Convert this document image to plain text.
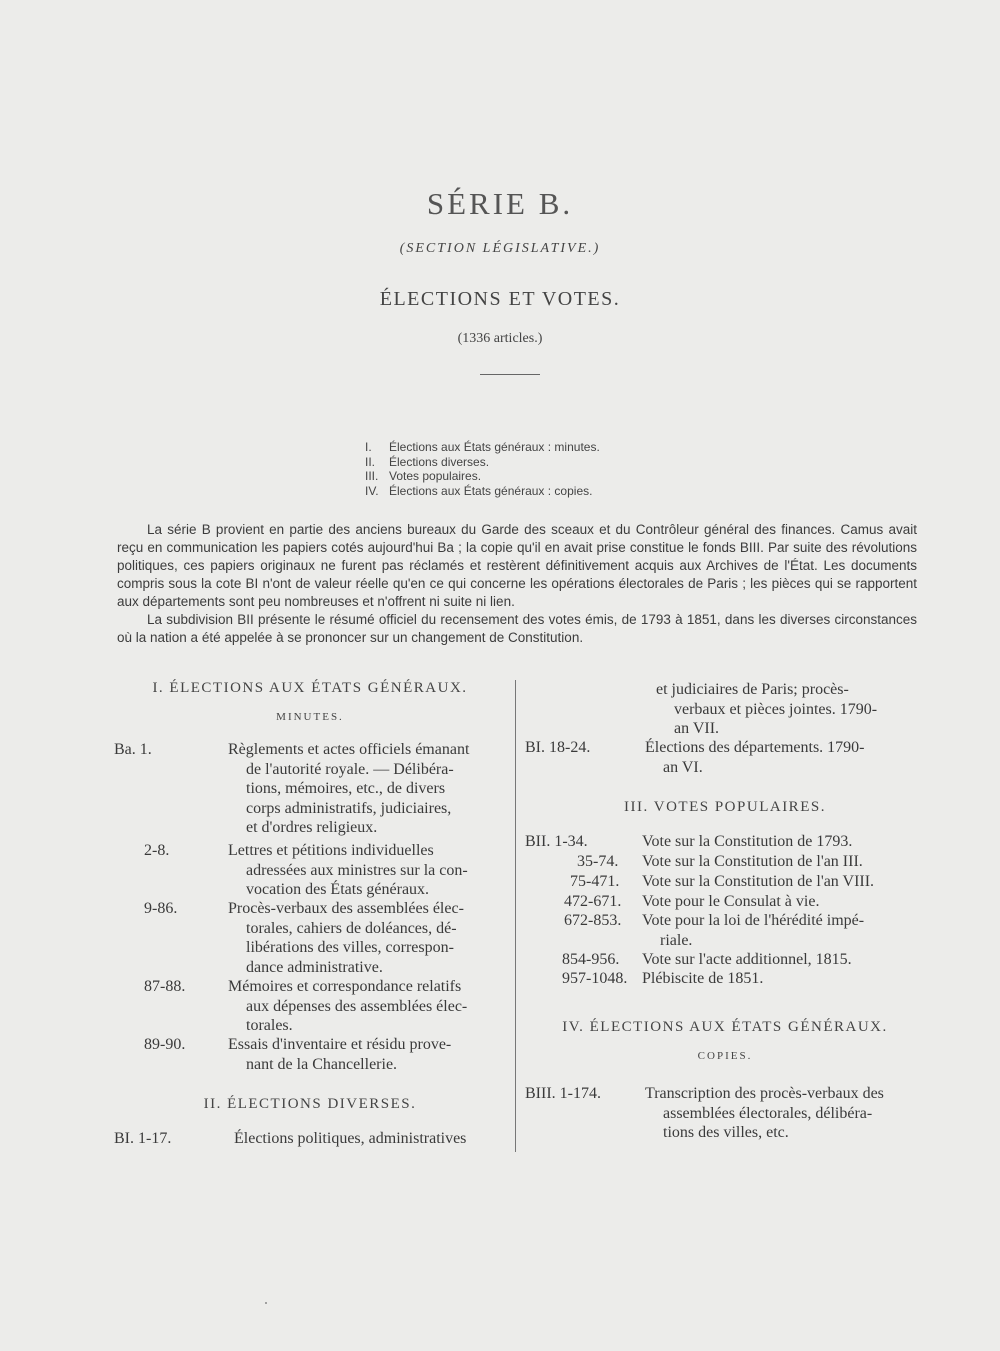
SÉRIE B.
(SECTION LÉGISLATIVE.)
ÉLECTIONS ET VOTES.
(1336 articles.)
I.	Élections aux États généraux : minutes.
II.	Élections diverses.
III. Votes populaires.
IV. Élections aux États généraux : copies.

La série B provient en partie des anciens bureaux du Garde des sceaux et du Contrôleur général des finances. Camus avait reçu en communication les papiers cotés aujourd'hui Ba ; la copie qu'il en avait prise constitue le fonds BIII. Par suite des révolutions politiques, ces papiers originaux ne furent pas réclamés et restèrent définitivement acquis aux Archives de l'État. Les documents compris sous la cote BI n'ont de valeur réelle qu'en ce qui concerne les opérations électorales de Paris ; les pièces qui se rapportent aux départements sont peu nombreuses et n'offrent ni suite ni lien.

La subdivision BII présente le résumé officiel du recensement des votes émis, de 1793 à 1851, dans les diverses circonstances où la nation a été appelée à se prononcer sur un changement de Constitution.

I. ÉLECTIONS AUX ÉTATS GÉNÉRAUX.
MINUTES.
Ba. 1.	Règlements et actes officiels émanant
de l'autorité royale. — Délibéra-
tions, mémoires, etc., de divers
corps administratifs, judiciaires,
et d'ordres religieux.
2-8.	Lettres et pétitions individuelles
adressées aux ministres sur la con-
vocation des États généraux.
9-86.	Procès-verbaux des assemblées élec-
torales, cahiers de doléances, dé-
libérations des villes, correspon-
dance administrative.
87-88.	Mémoires et correspondance relatifs
aux dépenses des assemblées élec-
torales.
89-90.	Essais d'inventaire et résidu prove-
nant de la Chancellerie.
II. ÉLECTIONS DIVERSES.
BI. 1-17.	Élections politiques, administratives
et judiciaires de Paris; procès-
verbaux et pièces jointes. 1790-
an VII.
BI. 18-24.	Élections des départements. 1790-
an VI.
III. VOTES POPULAIRES.
BII. 1-34.	Vote sur la Constitution de 1793.
35-74. Vote sur la Constitution de l'an III.
75-471. Vote sur la Constitution de l'an VIII.
472-671. Vote pour le Consulat à vie.
672-853. Vote pour la loi de l'hérédité impé-
riale.
854-956. Vote sur l'acte additionnel, 1815.
957-1048. Plébiscite de 1851.
IV. ÉLECTIONS AUX ÉTATS GÉNÉRAUX.
COPIES.
BIII. 1-174.	Transcription des procès-verbaux des
assemblées électorales, délibéra-
tions des villes, etc.
